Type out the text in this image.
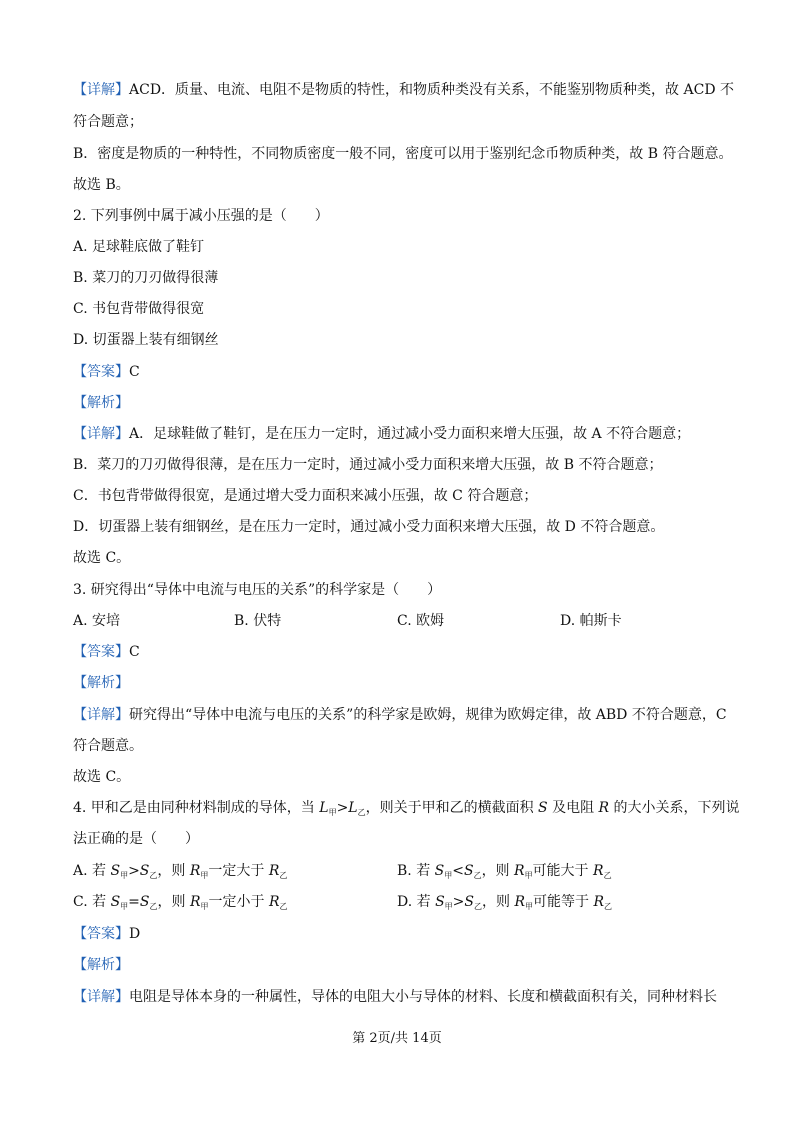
【详解】ACD．质量、电流、电阻不是物质的特性，和物质种类没有关系，不能鉴别物质种类，故 ACD 不
符合题意；
B．密度是物质的一种特性，不同物质密度一般不同，密度可以用于鉴别纪念币物质种类，故 B 符合题意。
故选 B。
2. 下列事例中属于减小压强的是（　　）
A. 足球鞋底做了鞋钉
B. 菜刀的刀刃做得很薄
C. 书包背带做得很宽
D. 切蛋器上装有细钢丝
【答案】C
【解析】
【详解】A．足球鞋做了鞋钉，是在压力一定时，通过减小受力面积来增大压强，故 A 不符合题意；
B．菜刀的刀刃做得很薄，是在压力一定时，通过减小受力面积来增大压强，故 B 不符合题意；
C．书包背带做得很宽，是通过增大受力面积来减小压强，故 C 符合题意；
D．切蛋器上装有细钢丝，是在压力一定时，通过减小受力面积来增大压强，故 D 不符合题意。
故选 C。
3. 研究得出“导体中电流与电压的关系”的科学家是（　　）
A. 安培	B. 伏特	C. 欧姆	D. 帕斯卡
【答案】C
【解析】
【详解】研究得出“导体中电流与电压的关系”的科学家是欧姆，规律为欧姆定律，故 ABD 不符合题意，C
符合题意。
故选 C。
4. 甲和乙是由同种材料制成的导体，当 $L_甲>L_乙$，则关于甲和乙的横截面积 S 及电阻 R 的大小关系，下列说
法正确的是（　　）
A. 若 $S_甲>S_乙$，则 $R_甲$一定大于 $R_乙$	B. 若 $S_甲<S_乙$，则 $R_甲$可能大于 $R_乙$
C. 若 $S_甲=S_乙$，则 $R_甲$一定小于 $R_乙$	D. 若 $S_甲>S_乙$，则 $R_甲$可能等于 $R_乙$
【答案】D
【解析】
【详解】电阻是导体本身的一种属性，导体的电阻大小与导体的材料、长度和横截面积有关，同种材料长
第 2页/共 14页
